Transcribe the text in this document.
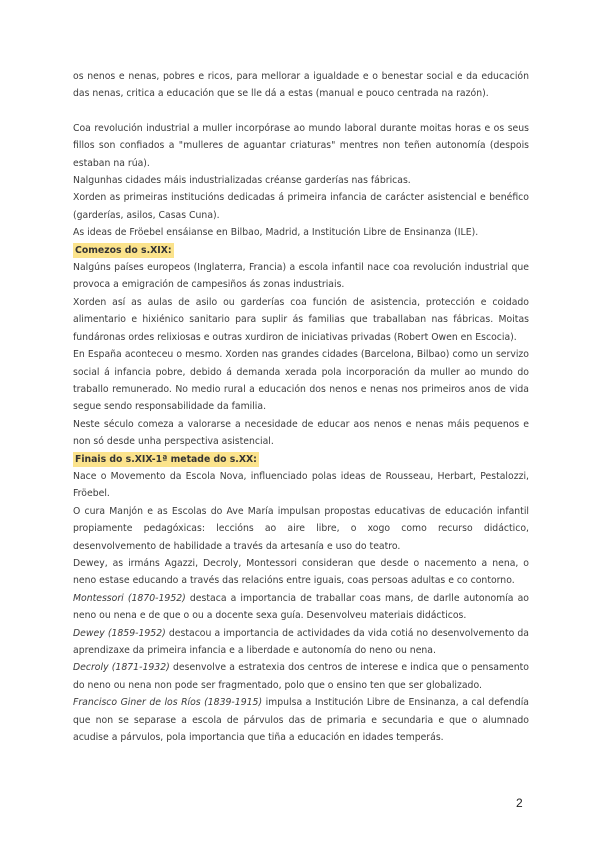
os nenos e nenas, pobres e ricos, para mellorar a igualdade e o benestar social e da educación das nenas, critica a educación que se lle dá a estas (manual e pouco centrada na razón).

Coa revolución industrial a muller incorpórase ao mundo laboral durante moitas horas e os seus fillos son confiados a "mulleres de aguantar criaturas" mentres non teñen autonomía (despois estaban na rúa).

Nalgunhas cidades máis industrializadas créanse garderías nas fábricas.

Xorden as primeiras institucións dedicadas á primeira infancia de carácter asistencial e benéfico (garderías, asilos, Casas Cuna).

As ideas de Fröebel ensáianse en Bilbao, Madrid, a Institución Libre de Ensinanza (ILE).

Comezos do s.XIX:

Nalgúns países europeos (Inglaterra, Francia) a escola infantil nace coa revolución industrial que provoca a emigración de campesiños ás zonas industriais.

Xorden así as aulas de asilo ou garderías coa función de asistencia, protección e coidado alimentario e hixiénico sanitario para suplir ás familias que traballaban nas fábricas. Moitas fundáronas ordes relixiosas e outras xurdiron de iniciativas privadas (Robert Owen en Escocia).

En España aconteceu o mesmo. Xorden nas grandes cidades (Barcelona, Bilbao) como un servizo social á infancia pobre, debido á demanda xerada pola incorporación da muller ao mundo do traballo remunerado. No medio rural a educación dos nenos e nenas nos primeiros anos de vida segue sendo responsabilidade da familia.

Neste século comeza a valorarse a necesidade de educar aos nenos e nenas máis pequenos e non só desde unha perspectiva asistencial.

Finais do s.XIX-1ª metade do s.XX:

Nace o Movemento da Escola Nova, influenciado polas ideas de Rousseau, Herbart, Pestalozzi, Fröebel.

O cura Manjón e as Escolas do Ave María impulsan propostas educativas de educación infantil propiamente pedagóxicas: leccións ao aire libre, o xogo como recurso didáctico, desenvolvemento de habilidade a través da artesanía e uso do teatro.

Dewey, as irmáns Agazzi, Decroly, Montessori consideran que desde o nacemento a nena, o neno estase educando a través das relacións entre iguais, coas persoas adultas e co contorno.

Montessori (1870-1952) destaca a importancia de traballar coas mans, de darlle autonomía ao neno ou nena e de que o ou a docente sexa guía. Desenvolveu materiais didácticos.

Dewey (1859-1952) destacou a importancia de actividades da vida cotiá no desenvolvemento da aprendizaxe da primeira infancia e a liberdade e autonomía do neno ou nena.

Decroly (1871-1932) desenvolve a estratexia dos centros de interese e indica que o pensamento do neno ou nena non pode ser fragmentado, polo que o ensino ten que ser globalizado.

Francisco Giner de los Ríos (1839-1915) impulsa a Institución Libre de Ensinanza, a cal defendía que non se separase a escola de párvulos das de primaria e secundaria e que o alumnado acudise a párvulos, pola importancia que tiña a educación en idades temperás.

2
